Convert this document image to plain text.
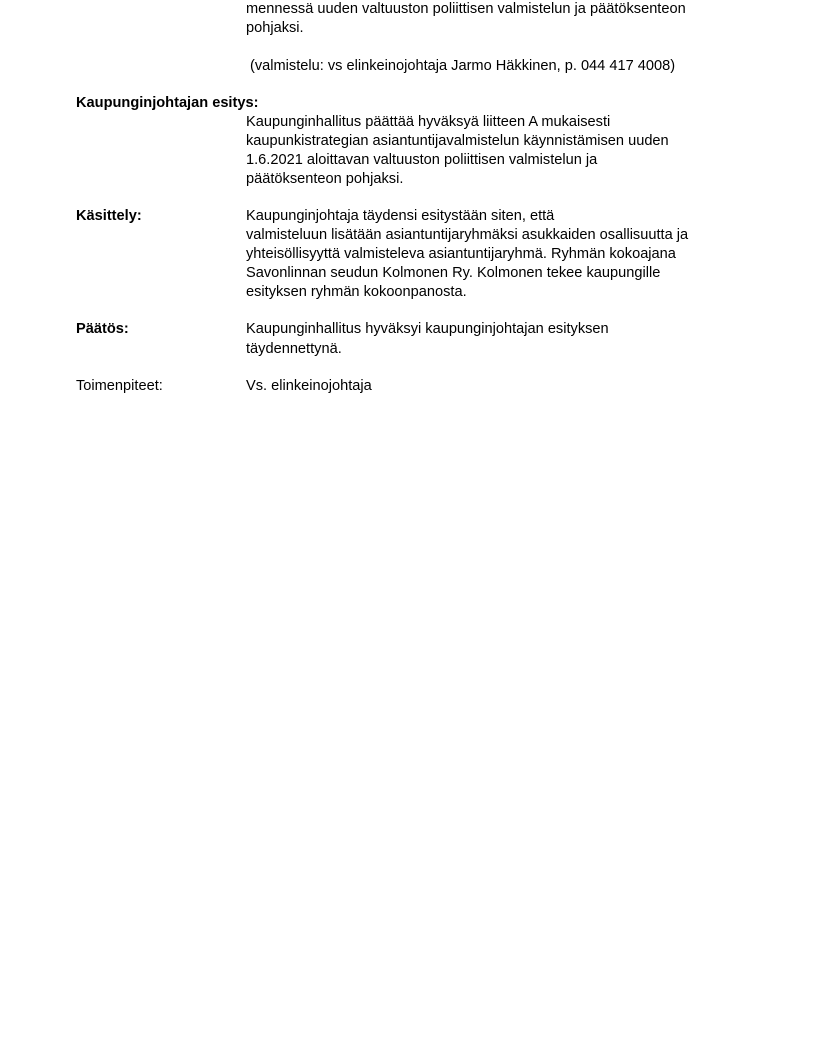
mennessä uuden valtuuston poliittisen valmistelun ja päätöksenteon
pohjaksi.
(valmistelu: vs elinkeinojohtaja Jarmo Häkkinen, p. 044 417 4008)
Kaupunginjohtajan esitys:
Kaupunginhallitus päättää hyväksyä liitteen A mukaisesti
kaupunkistrategian asiantuntijavalmistelun käynnistämisen uuden
1.6.2021 aloittavan valtuuston poliittisen valmistelun ja
päätöksenteon pohjaksi.
Käsittely:	Kaupunginjohtaja täydensi esitystään siten, että
valmisteluun lisätään asiantuntijaryhmäksi asukkaiden osallisuutta ja
yhteisöllisyyttä valmisteleva asiantuntijaryhmä. Ryhmän kokoajana
Savonlinnan seudun Kolmonen Ry. Kolmonen tekee kaupungille
esityksen ryhmän kokoonpanosta.
Päätös:	Kaupunginhallitus hyväksyi kaupunginjohtajan esityksen
täydennettynä.
Toimenpiteet:	Vs. elinkeinojohtaja
